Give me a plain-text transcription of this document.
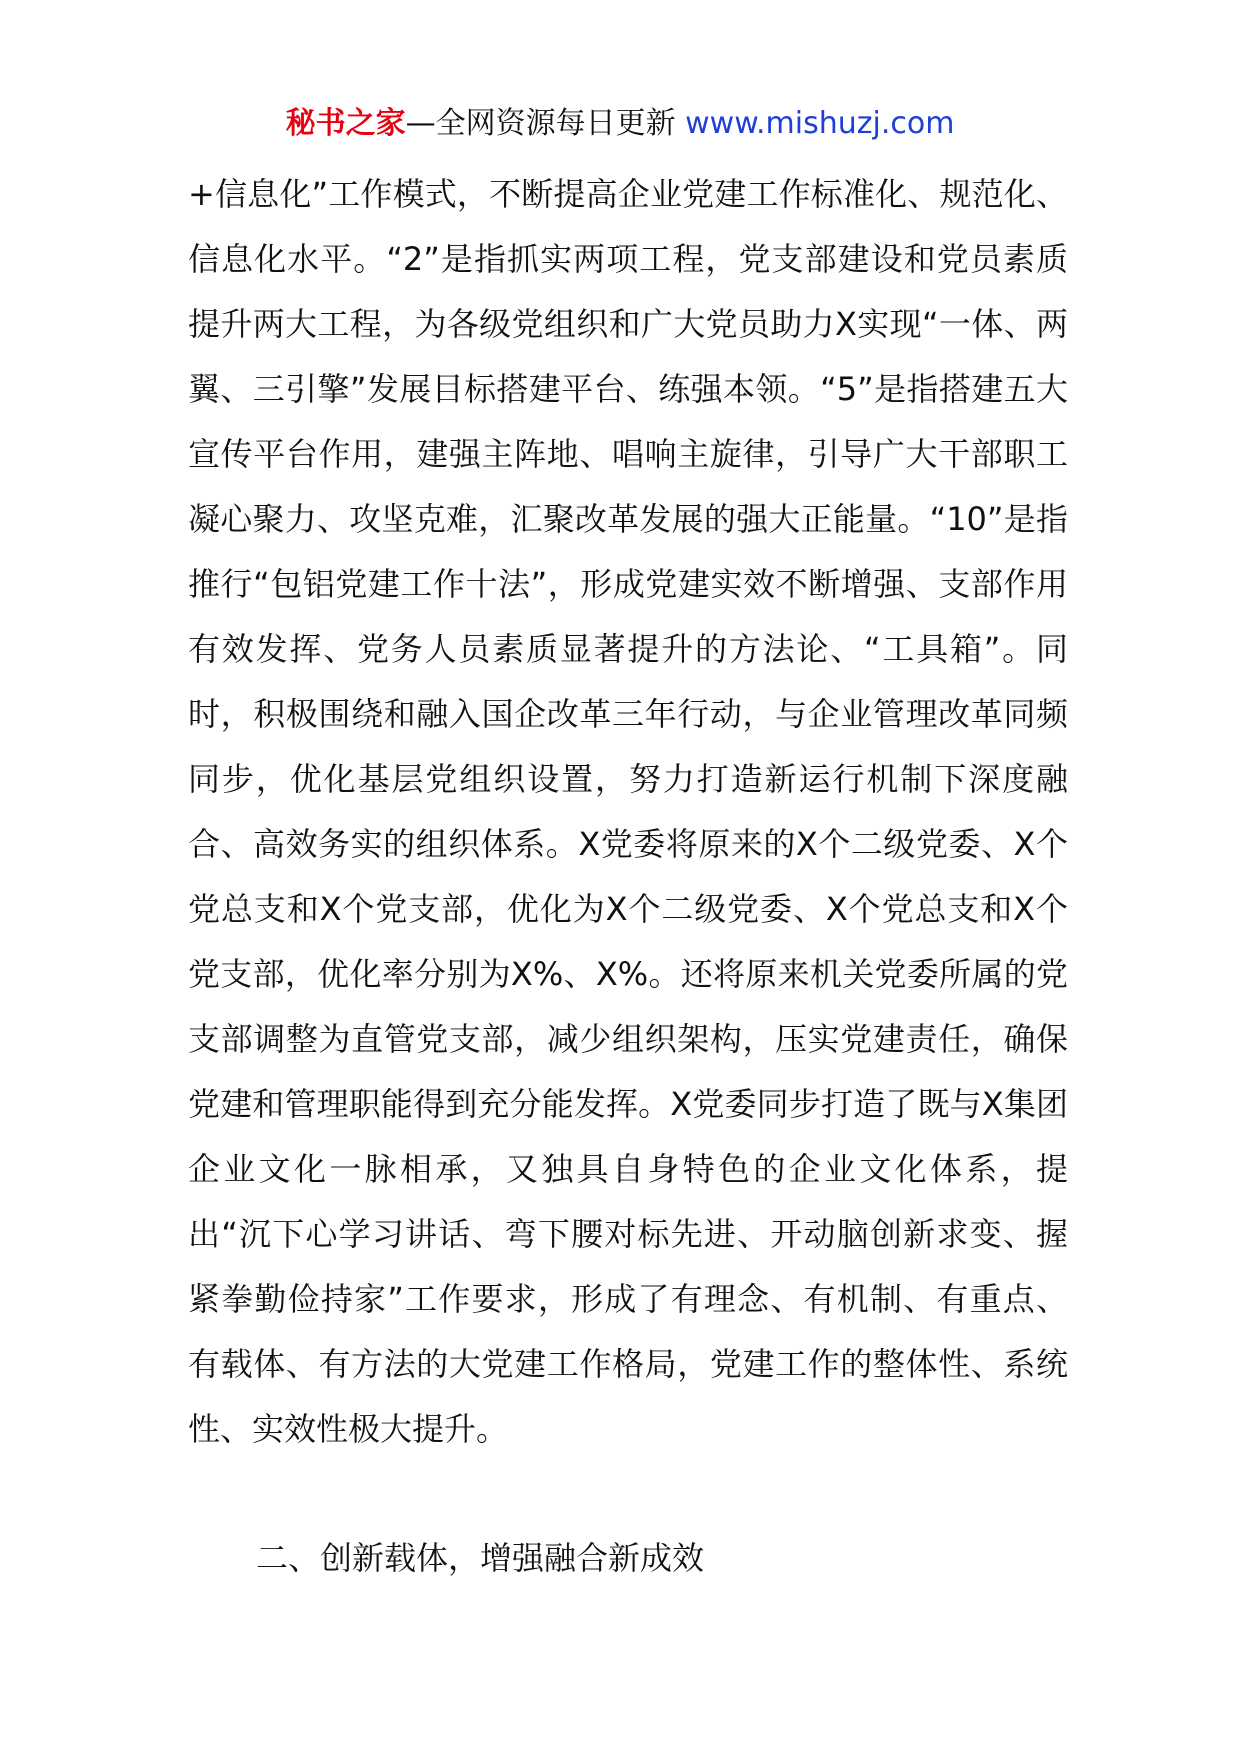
秘书之家—全网资源每日更新 www.mishuzj.com

+信息化”工作模式，不断提高企业党建工作标准化、规范化、信息化水平。“2”是指抓实两项工程，党支部建设和党员素质提升两大工程，为各级党组织和广大党员助力X实现“一体、两翼、三引擎”发展目标搭建平台、练强本领。“5”是指搭建五大宣传平台作用，建强主阵地、唱响主旋律，引导广大干部职工凝心聚力、攻坚克难，汇聚改革发展的强大正能量。“10”是指推行“包铝党建工作十法”，形成党建实效不断增强、支部作用有效发挥、党务人员素质显著提升的方法论、“工具箱”。同时，积极围绕和融入国企改革三年行动，与企业管理改革同频同步，优化基层党组织设置，努力打造新运行机制下深度融合、高效务实的组织体系。X党委将原来的X个二级党委、X个党总支和X个党支部，优化为X个二级党委、X个党总支和X个党支部，优化率分别为X%、X%。还将原来机关党委所属的党支部调整为直管党支部，减少组织架构，压实党建责任，确保党建和管理职能得到充分能发挥。X党委同步打造了既与X集团企业文化一脉相承，又独具自身特色的企业文化体系，提出“沉下心学习讲话、弯下腰对标先进、开动脑创新求变、握紧拳勤俭持家”工作要求，形成了有理念、有机制、有重点、有载体、有方法的大党建工作格局，党建工作的整体性、系统性、实效性极大提升。

二、创新载体，增强融合新成效
